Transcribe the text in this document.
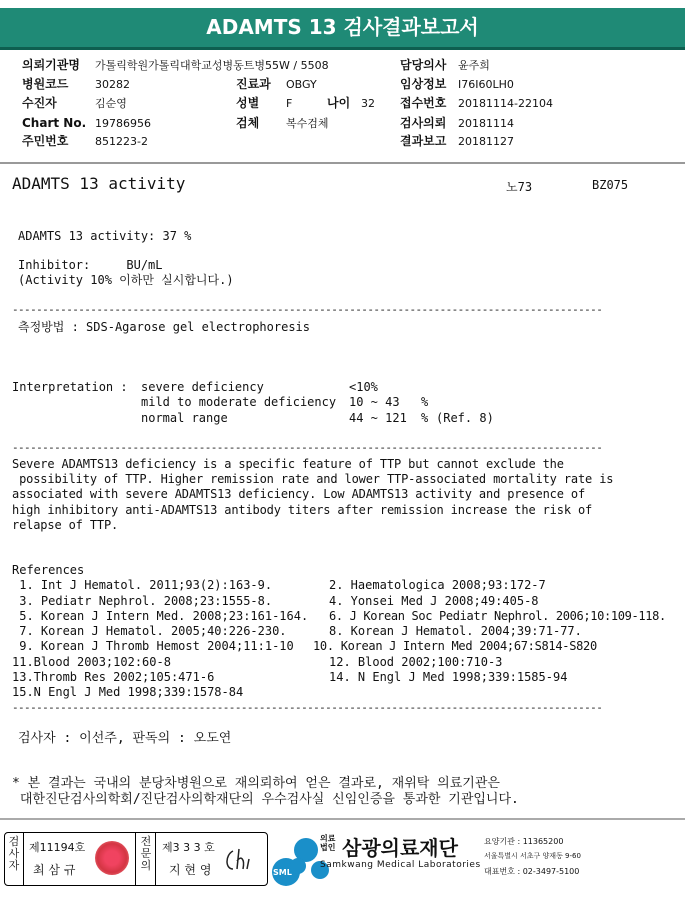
ADAMTS 13 검사결과보고서
의뢰기관명 가톨릭학원가톨릭대학교성병동트병55W / 5508
병원코드 30282
수진자	김순영
Chart No. 19786956
주민번호 851223-2
진료과 OBGY
성별 F	나이 32
검체 복수검체
담당의사 윤주희
임상정보 I76I60LH0
접수번호 20181114-22104
검사의뢰 20181114
결과보고 20181127
ADAMTS 13 activity	노73	BZ075
ADAMTS 13 activity: 37 %
Inhibitor:     BU/mL
(Activity 10% 이하만 실시합니다.)
--------------------------------------------------------------------------------------------------
측정방법 : SDS-Agarose gel electrophoresis
Interpretation : severe deficiency	<10%
mild to moderate deficiency 10 ~ 43 %
normal range	44 ~ 121 % (Ref. 8)
--------------------------------------------------------------------------------------------------
Severe ADAMTS13 deficiency is a specific feature of TTP but cannot exclude the
possibility of TTP. Higher remission rate and lower TTP-associated mortality rate is
associated with severe ADAMTS13 deficiency. Low ADAMTS13 activity and presence of
high inhibitory anti-ADAMTS13 antibody titers after remission increase the risk of
relapse of TTP.
References
1. Int J Hematol. 2011;93(2):163-9.
3. Pediatr Nephrol. 2008;23:1555-8.
5. Korean J Intern Med. 2008;23:161-164.
7. Korean J Hematol. 2005;40:226-230.
9. Korean J Thromb Hemost 2004;11:1-10
11.Blood 2003;102:60-8
13.Thromb Res 2002;105:471-6
15.N Engl J Med 1998;339:1578-84
2. Haematologica 2008;93:172-7
4. Yonsei Med J 2008;49:405-8
6. J Korean Soc Pediatr Nephrol. 2006;10:109-118.
8. Korean J Hematol. 2004;39:71-77.
10. Korean J Intern Med 2004;67:S814-S820
12. Blood 2002;100:710-3
14. N Engl J Med 1998;339:1585-94
--------------------------------------------------------------------------------------------------
검사자 : 이선주, 판독의 : 오도연
* 본 결과는 국내의 분당차병원으로 재의뢰하여 얻은 결과로, 재위탁 의료기관은
대한진단검사의학회/진단검사의학재단의 우수검사실 신임인증을 통과한 기관입니다.
검사자
제11194호
최 삼 규
전문의
제3 3 3 호
지 현 영	SML
의료법인 삼광의료재단
Samkwang Medical Laboratories
요양기관 : 11365200
서울특별시 서초구 양재동 9-60
대표번호 : 02-3497-5100
